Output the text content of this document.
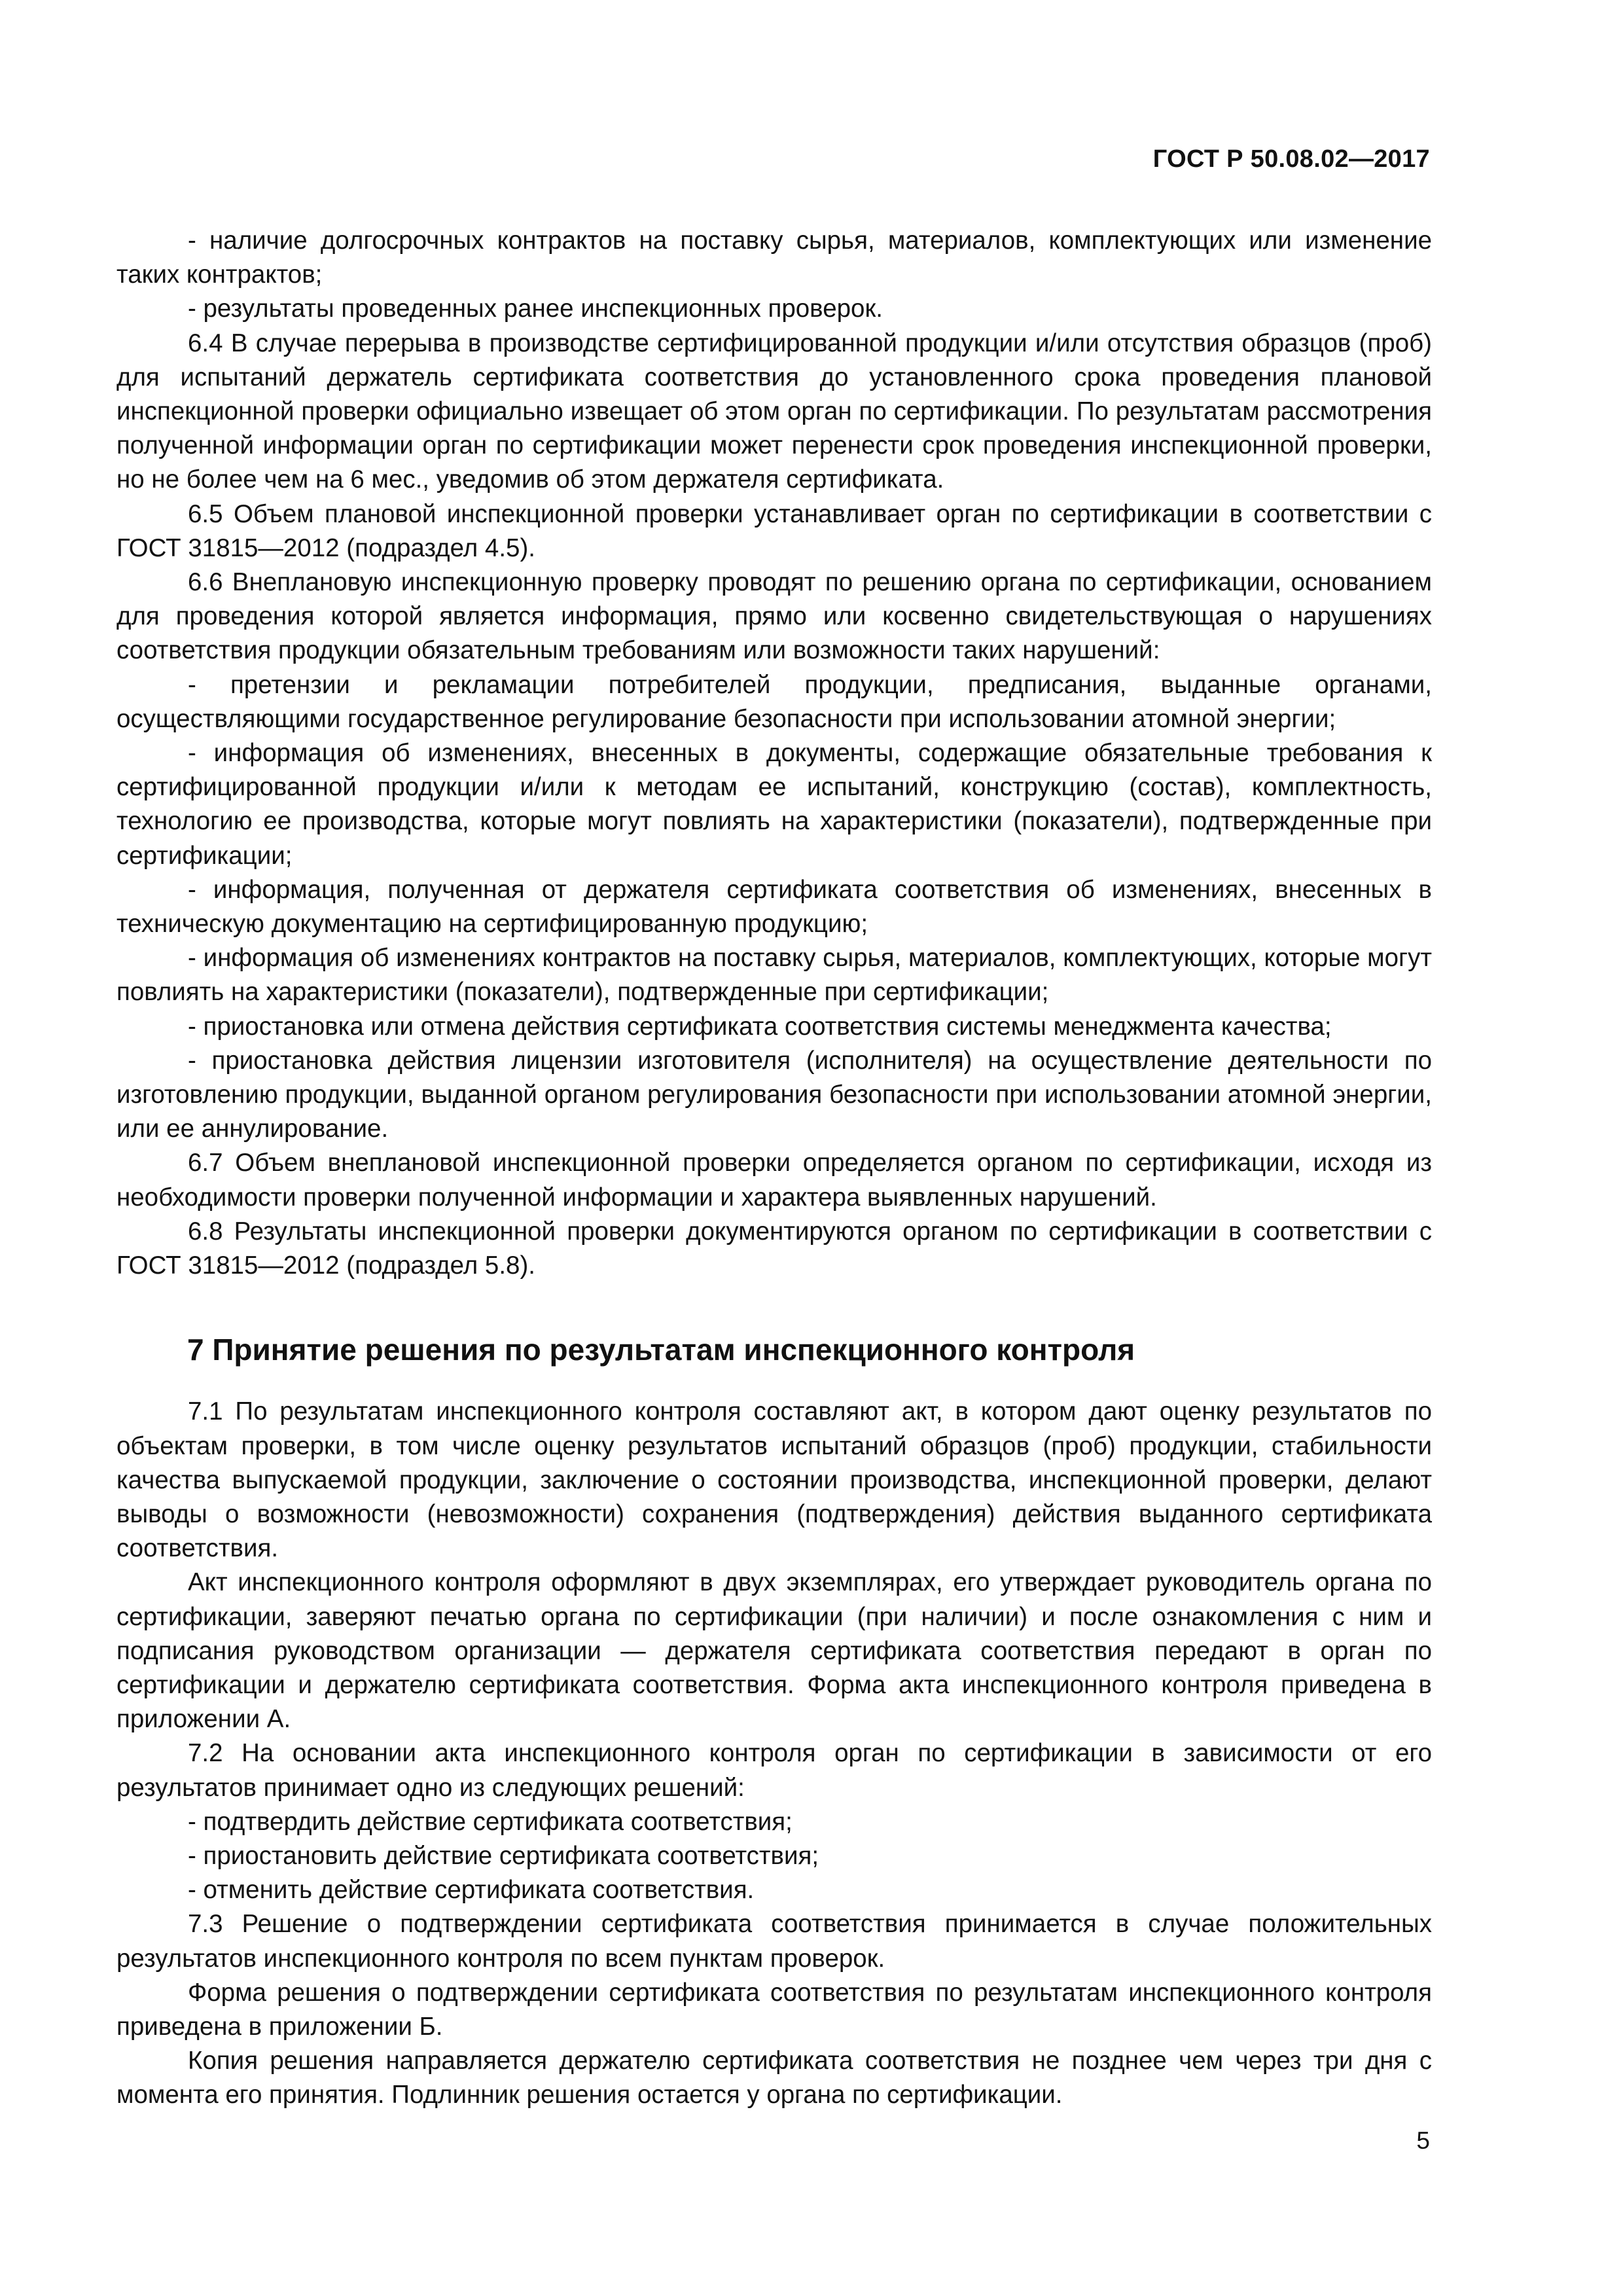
ГОСТ Р 50.08.02—2017

- наличие долгосрочных контрактов на поставку сырья, материалов, комплектующих или изменение таких контрактов;

- результаты проведенных ранее инспекционных проверок.

6.4 В случае перерыва в производстве сертифицированной продукции и/или отсутствия образцов (проб) для испытаний держатель сертификата соответствия до установленного срока проведения плановой инспекционной проверки официально извещает об этом орган по сертификации. По результатам рассмотрения полученной информации орган по сертификации может перенести срок проведения инспекционной проверки, но не более чем на 6 мес., уведомив об этом держателя сертификата.

6.5 Объем плановой инспекционной проверки устанавливает орган по сертификации в соответствии с ГОСТ 31815—2012 (подраздел 4.5).

6.6 Внеплановую инспекционную проверку проводят по решению органа по сертификации, основанием для проведения которой является информация, прямо или косвенно свидетельствующая о нарушениях соответствия продукции обязательным требованиям или возможности таких нарушений:

- претензии и рекламации потребителей продукции, предписания, выданные органами, осуществляющими государственное регулирование безопасности при использовании атомной энергии;

- информация об изменениях, внесенных в документы, содержащие обязательные требования к сертифицированной продукции и/или к методам ее испытаний, конструкцию (состав), комплектность, технологию ее производства, которые могут повлиять на характеристики (показатели), подтвержденные при сертификации;

- информация, полученная от держателя сертификата соответствия об изменениях, внесенных в техническую документацию на сертифицированную продукцию;

- информация об изменениях контрактов на поставку сырья, материалов, комплектующих, которые могут повлиять на характеристики (показатели), подтвержденные при сертификации;

- приостановка или отмена действия сертификата соответствия системы менеджмента качества;

- приостановка действия лицензии изготовителя (исполнителя) на осуществление деятельности по изготовлению продукции, выданной органом регулирования безопасности при использовании атомной энергии, или ее аннулирование.

6.7 Объем внеплановой инспекционной проверки определяется органом по сертификации, исходя из необходимости проверки полученной информации и характера выявленных нарушений.

6.8 Результаты инспекционной проверки документируются органом по сертификации в соответствии с ГОСТ 31815—2012 (подраздел 5.8).

7 Принятие решения по результатам инспекционного контроля

7.1 По результатам инспекционного контроля составляют акт, в котором дают оценку результатов по объектам проверки, в том числе оценку результатов испытаний образцов (проб) продукции, стабильности качества выпускаемой продукции, заключение о состоянии производства, инспекционной проверки, делают выводы о возможности (невозможности) сохранения (подтверждения) действия выданного сертификата соответствия.

Акт инспекционного контроля оформляют в двух экземплярах, его утверждает руководитель органа по сертификации, заверяют печатью органа по сертификации (при наличии) и после ознакомления с ним и подписания руководством организации — держателя сертификата соответствия передают в орган по сертификации и держателю сертификата соответствия. Форма акта инспекционного контроля приведена в приложении А.

7.2 На основании акта инспекционного контроля орган по сертификации в зависимости от его результатов принимает одно из следующих решений:

- подтвердить действие сертификата соответствия;

- приостановить действие сертификата соответствия;

- отменить действие сертификата соответствия.

7.3 Решение о подтверждении сертификата соответствия принимается в случае положительных результатов инспекционного контроля по всем пунктам проверок.

Форма решения о подтверждении сертификата соответствия по результатам инспекционного контроля приведена в приложении Б.

Копия решения направляется держателю сертификата соответствия не позднее чем через три дня с момента его принятия. Подлинник решения остается у органа по сертификации.

5
